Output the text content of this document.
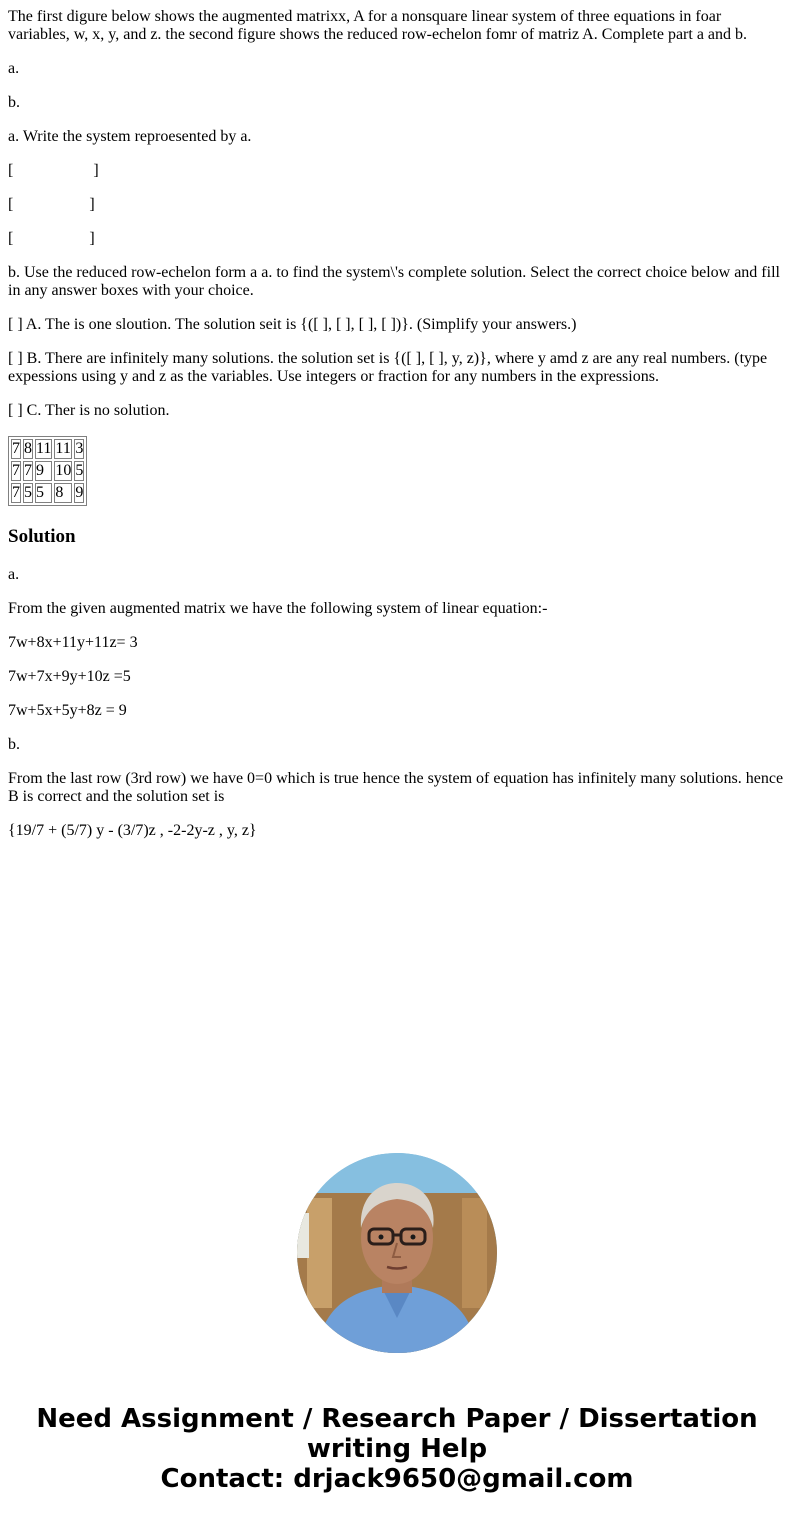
The first digure below shows the augmented matrixx, A for a nonsquare linear system of three equations in foar variables, w, x, y, and z. the second figure shows the reduced row-echelon fomr of matriz A. Complete part a and b.

a.

b.

a. Write the system reproesented by a.

[                    ]

[                   ]

[                   ]

b. Use the reduced row-echelon form a a. to find the system\'s complete solution. Select the correct choice below and fill in any answer boxes with your choice.

[ ] A. The is one sloution. The solution seit is {([ ], [ ], [ ], [ ])}. (Simplify your answers.)

[ ] B. There are infinitely many solutions. the solution set is {([ ], [ ], y, z)}, where y amd z are any real numbers. (type expessions using y and z as the variables. Use integers or fraction for any numbers in the expressions.

[ ] C. Ther is no solution.

7	8	11	11	3
7	7	9	10	5
7	5	5	8	9
Solution

a.

From the given augmented matrix we have the following system of linear equation:-

7w+8x+11y+11z= 3

7w+7x+9y+10z =5

7w+5x+5y+8z = 9

b.

From the last row (3rd row) we have 0=0 which is true hence the system of equation has infinitely many solutions. hence B is correct and the solution set is

{19/7 + (5/7) y - (3/7)z , -2-2y-z , y, z}

Need Assignment / Research Paper / Dissertation
writing Help
Contact: drjack9650@gmail.com
